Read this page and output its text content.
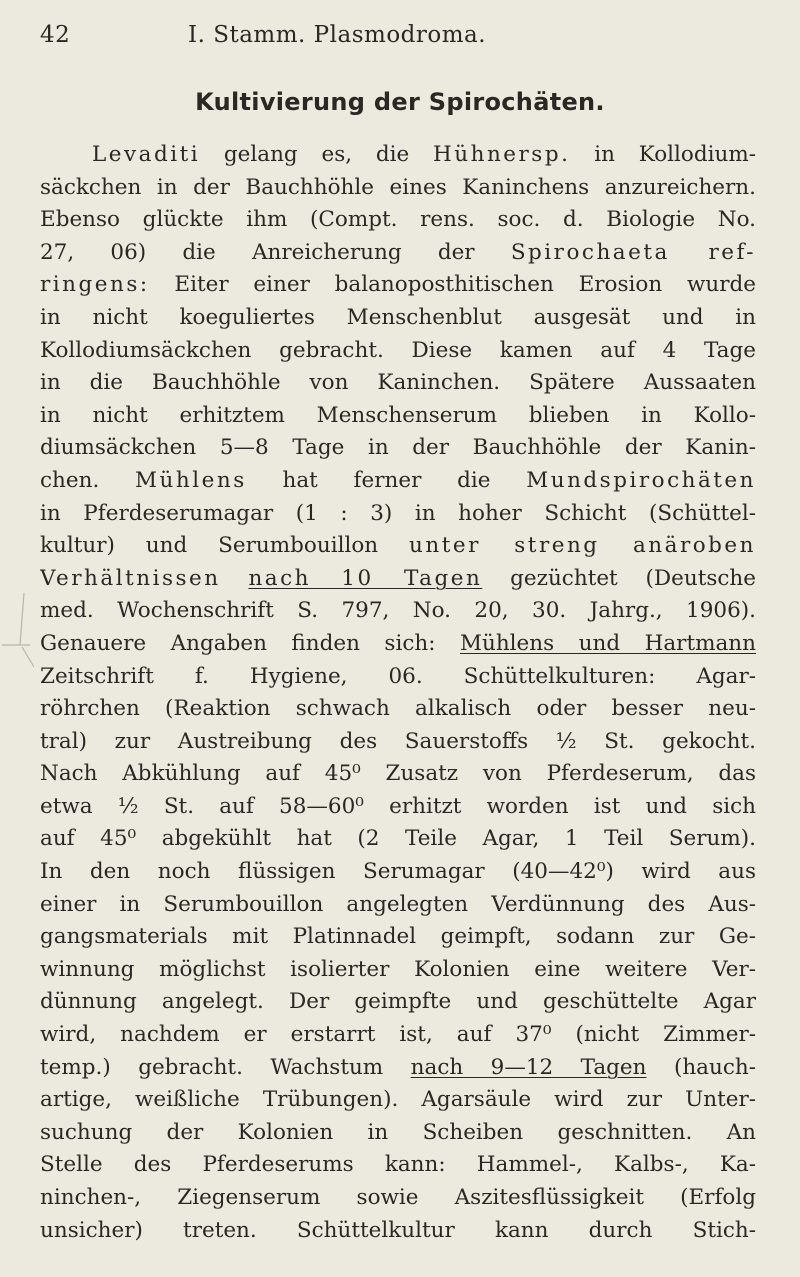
42	I. Stamm. Plasmodroma.
Kultivierung der Spirochäten.
Levaditi gelang es, die Hühnersp. in Kollodium-
säckchen in der Bauchhöhle eines Kaninchens anzureichern.
Ebenso glückte ihm (Compt. rens. soc. d. Biologie No.
27, 06) die Anreicherung der Spirochaeta ref-
ringens: Eiter einer balanoposthitischen Erosion wurde
in nicht koeguliertes Menschenblut ausgesät und in
Kollodiumsäckchen gebracht. Diese kamen auf 4 Tage
in die Bauchhöhle von Kaninchen. Spätere Aussaaten
in nicht erhitztem Menschenserum blieben in Kollo-
diumsäckchen 5—8 Tage in der Bauchhöhle der Kanin-
chen. Mühlens hat ferner die Mundspirochäten
in Pferdeserumagar (1 : 3) in hoher Schicht (Schüttel-
kultur) und Serumbouillon unter streng anäroben
Verhältnissen nach 10 Tagen gezüchtet (Deutsche
med. Wochenschrift S. 797, No. 20, 30. Jahrg., 1906).
Genauere Angaben finden sich: Mühlens und Hartmann
Zeitschrift f. Hygiene, 06. Schüttelkulturen: Agar-
röhrchen (Reaktion schwach alkalisch oder besser neu-
tral) zur Austreibung des Sauerstoffs ½ St. gekocht.
Nach Abkühlung auf 45⁰ Zusatz von Pferdeserum, das
etwa ½ St. auf 58—60⁰ erhitzt worden ist und sich
auf 45⁰ abgekühlt hat (2 Teile Agar, 1 Teil Serum).
In den noch flüssigen Serumagar (40—42⁰) wird aus
einer in Serumbouillon angelegten Verdünnung des Aus-
gangsmaterials mit Platinnadel geimpft, sodann zur Ge-
winnung möglichst isolierter Kolonien eine weitere Ver-
dünnung angelegt. Der geimpfte und geschüttelte Agar
wird, nachdem er erstarrt ist, auf 37⁰ (nicht Zimmer-
temp.) gebracht. Wachstum nach 9—12 Tagen (hauch-
artige, weißliche Trübungen). Agarsäule wird zur Unter-
suchung der Kolonien in Scheiben geschnitten. An
Stelle des Pferdeserums kann: Hammel-, Kalbs-, Ka-
ninchen-, Ziegenserum sowie Aszitesflüssigkeit (Erfolg
unsicher) treten. Schüttelkultur kann durch Stich-
